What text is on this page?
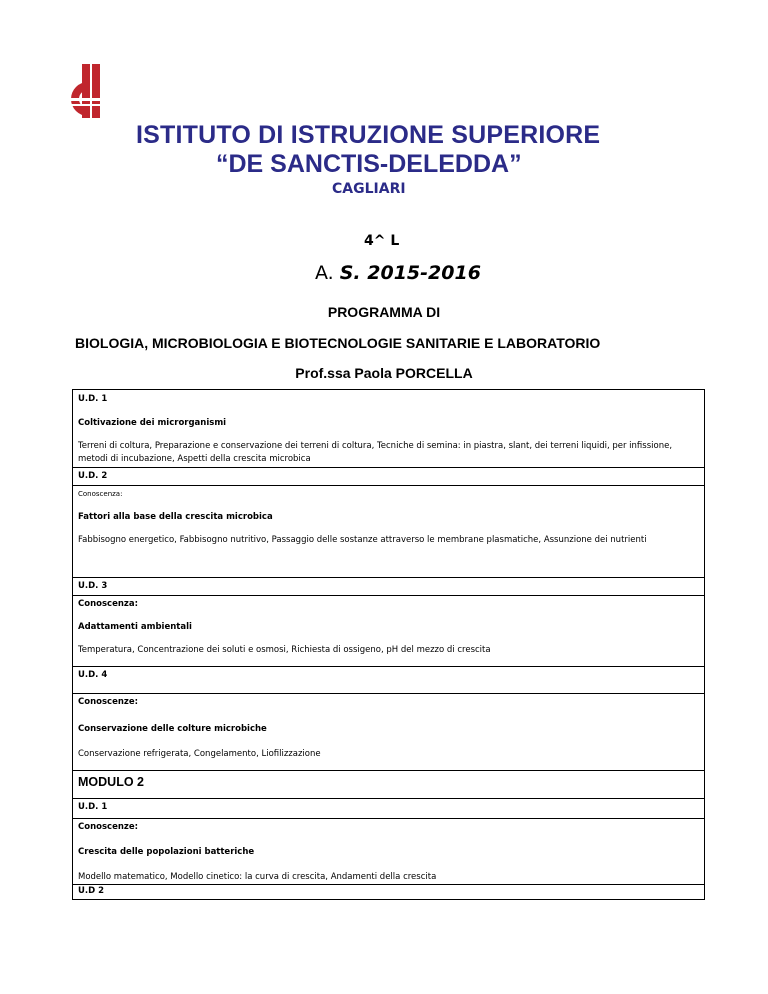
ISTITUTO DI ISTRUZIONE SUPERIORE
“DE SANCTIS-DELEDDA”
CAGLIARI
4^ L
A. S. 2015-2016
PROGRAMMA DI
BIOLOGIA, MICROBIOLOGIA E BIOTECNOLOGIE SANITARIE E LABORATORIO
Prof.ssa Paola PORCELLA
U.D. 1
Coltivazione dei microrganismi
Terreni di coltura, Preparazione e conservazione dei terreni di coltura, Tecniche di semina: in piastra, slant, dei terreni liquidi, per infissione, metodi di incubazione, Aspetti della crescita microbica
U.D. 2
Conoscenza:
Fattori alla base della crescita microbica
Fabbisogno energetico, Fabbisogno nutritivo, Passaggio delle sostanze attraverso le membrane plasmatiche, Assunzione dei nutrienti
U.D. 3
Conoscenza:
Adattamenti ambientali
Temperatura, Concentrazione dei soluti e osmosi, Richiesta di ossigeno, pH del mezzo di crescita
U.D. 4
Conoscenze:
Conservazione delle colture microbiche
Conservazione refrigerata, Congelamento, Liofilizzazione
MODULO 2
U.D. 1
Conoscenze:
Crescita delle popolazioni batteriche
Modello matematico, Modello cinetico: la curva di crescita, Andamenti della crescita
U.D 2
